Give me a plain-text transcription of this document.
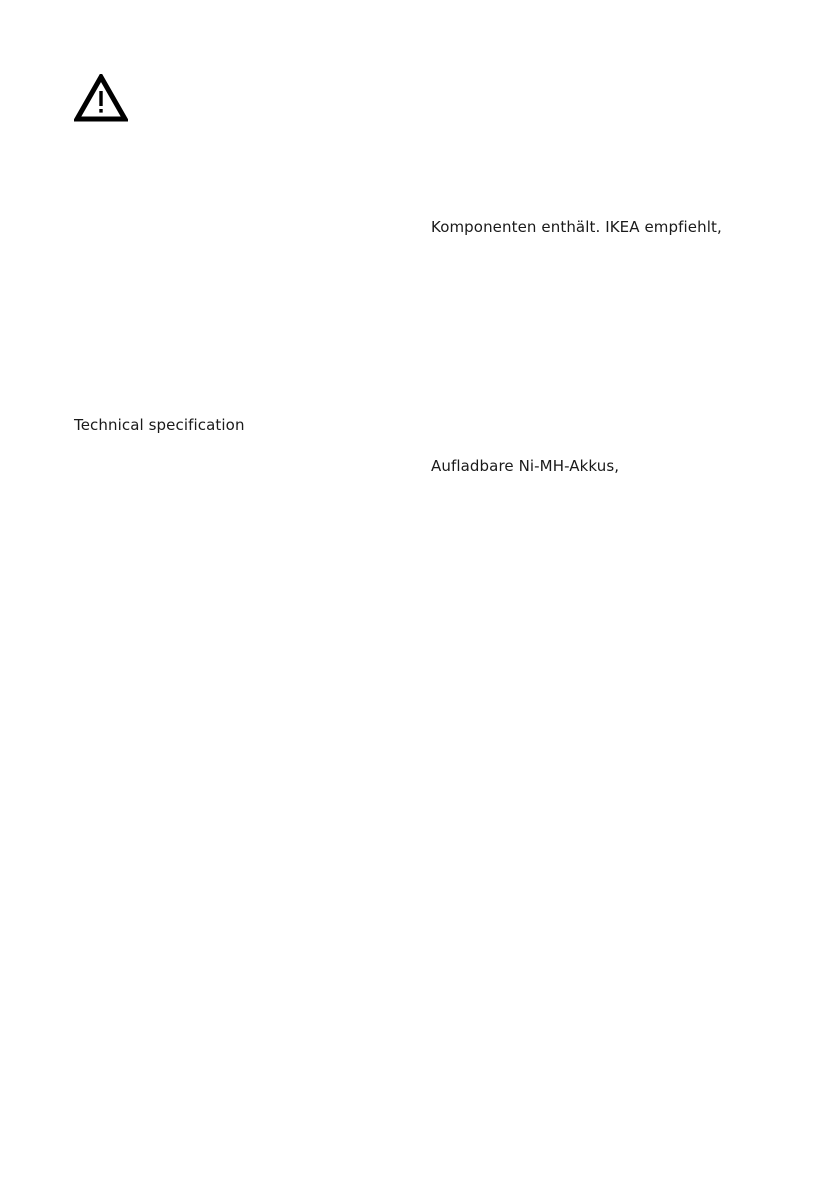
Komponenten enthält. IKEA empfiehlt,
Technical specification
Aufladbare Ni-MH-Akkus,
